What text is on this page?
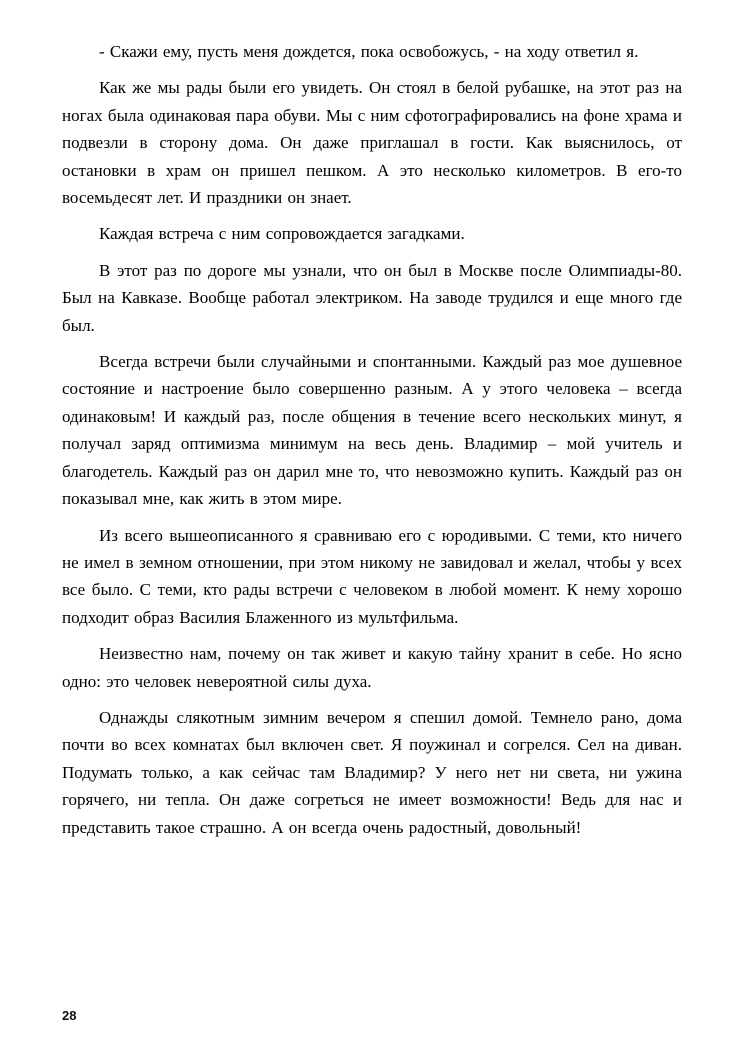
- Скажи ему, пусть меня дождется, пока освобожусь, - на ходу ответил я.

Как же мы рады были его увидеть. Он стоял в белой рубашке, на этот раз на ногах была одинаковая пара обуви. Мы с ним сфотографировались на фоне храма и подвезли в сторону дома. Он даже приглашал в гости. Как выяснилось, от остановки в храм он пришел пешком. А это несколько километров. В его-то восемьдесят лет. И праздники он знает.

Каждая встреча с ним сопровождается загадками.

В этот раз по дороге мы узнали, что он был в Москве после Олимпиады-80. Был на Кавказе. Вообще работал электриком. На заводе трудился и еще много где был.

Всегда встречи были случайными и спонтанными. Каждый раз мое душевное состояние и настроение было совершенно разным. А у этого человека – всегда одинаковым! И каждый раз, после общения в течение всего нескольких минут, я получал заряд оптимизма минимум на весь день. Владимир – мой учитель и благодетель. Каждый раз он дарил мне то, что невозможно купить. Каждый раз он показывал мне, как жить в этом мире.

Из всего вышеописанного я сравниваю его с юродивыми. С теми, кто ничего не имел в земном отношении, при этом никому не завидовал и желал, чтобы у всех все было. С теми, кто рады встречи с человеком в любой момент. К нему хорошо подходит образ Василия Блаженного из мультфильма.

Неизвестно нам, почему он так живет и какую тайну хранит в себе. Но ясно одно: это человек невероятной силы духа.

Однажды слякотным зимним вечером я спешил домой. Темнело рано, дома почти во всех комнатах был включен свет. Я поужинал и согрелся. Сел на диван. Подумать только, а как сейчас там Владимир? У него нет ни света, ни ужина горячего, ни тепла. Он даже согреться не имеет возможности! Ведь для нас и представить такое страшно. А он всегда очень радостный, довольный!

28
